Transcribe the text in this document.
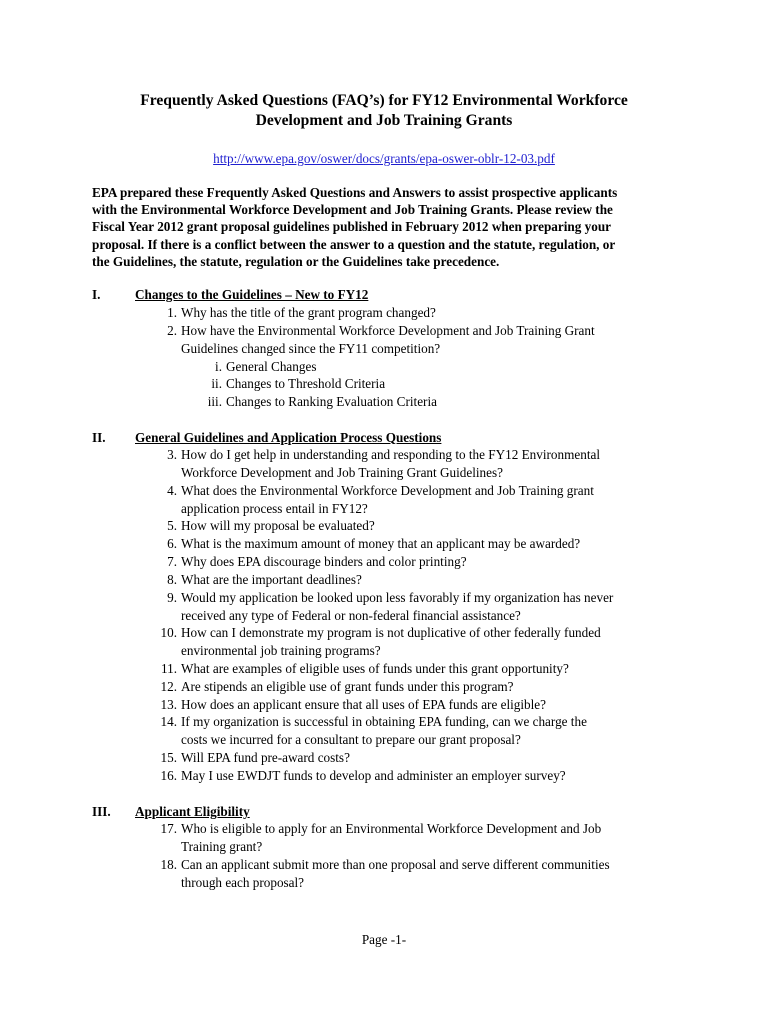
Frequently Asked Questions (FAQ’s) for FY12 Environmental Workforce
Development and Job Training Grants
http://www.epa.gov/oswer/docs/grants/epa-oswer-oblr-12-03.pdf
EPA prepared these Frequently Asked Questions and Answers to assist prospective applicants
with the Environmental Workforce Development and Job Training Grants. Please review the
Fiscal Year 2012 grant proposal guidelines published in February 2012 when preparing your
proposal. If there is a conflict between the answer to a question and the statute, regulation, or
the Guidelines, the statute, regulation or the Guidelines take precedence.
I.	Changes to the Guidelines – New to FY12
1. Why has the title of the grant program changed?
2. How have the Environmental Workforce Development and Job Training Grant
Guidelines changed since the FY11 competition?
i. General Changes
ii. Changes to Threshold Criteria
iii. Changes to Ranking Evaluation Criteria
II. General Guidelines and Application Process Questions
3. How do I get help in understanding and responding to the FY12 Environmental
Workforce Development and Job Training Grant Guidelines?
4. What does the Environmental Workforce Development and Job Training grant
application process entail in FY12?
5. How will my proposal be evaluated?
6. What is the maximum amount of money that an applicant may be awarded?
7. Why does EPA discourage binders and color printing?
8. What are the important deadlines?
9. Would my application be looked upon less favorably if my organization has never
received any type of Federal or non-federal financial assistance?
10. How can I demonstrate my program is not duplicative of other federally funded
environmental job training programs?
11. What are examples of eligible uses of funds under this grant opportunity?
12. Are stipends an eligible use of grant funds under this program?
13. How does an applicant ensure that all uses of EPA funds are eligible?
14. If my organization is successful in obtaining EPA funding, can we charge the
costs we incurred for a consultant to prepare our grant proposal?
15. Will EPA fund pre-award costs?
16. May I use EWDJT funds to develop and administer an employer survey?
III. Applicant Eligibility
17. Who is eligible to apply for an Environmental Workforce Development and Job
Training grant?
18. Can an applicant submit more than one proposal and serve different communities
through each proposal?
Page -1-
